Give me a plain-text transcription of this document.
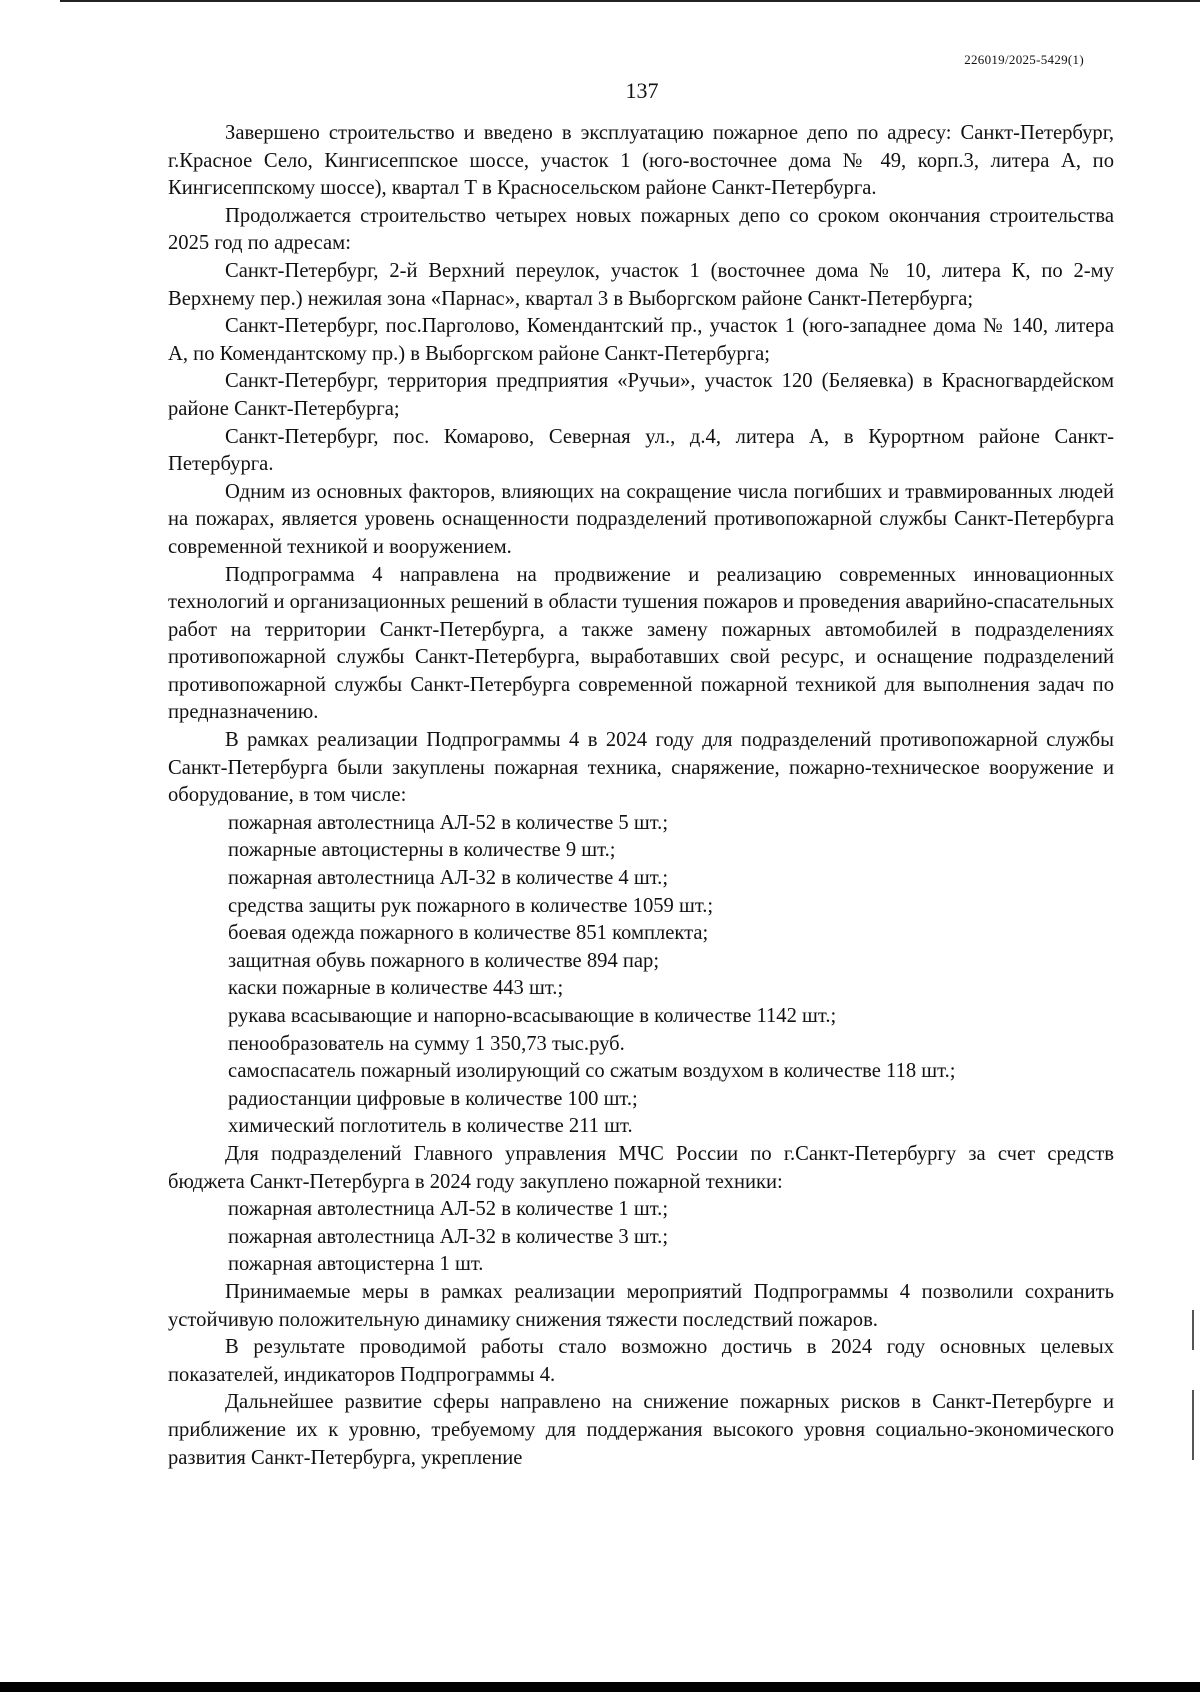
226019/2025-5429(1)
137

Завершено строительство и введено в эксплуатацию пожарное депо по адресу: Санкт-Петербург, г.Красное Село, Кингисеппское шоссе, участок 1 (юго-восточнее дома № 49, корп.3, литера А, по Кингисеппскому шоссе), квартал Т в Красносельском районе Санкт-Петербурга.

Продолжается строительство четырех новых пожарных депо со сроком окончания строительства 2025 год по адресам:

Санкт-Петербург, 2-й Верхний переулок, участок 1 (восточнее дома № 10, литера К, по 2-му Верхнему пер.) нежилая зона «Парнас», квартал 3 в Выборгском районе Санкт-Петербурга;

Санкт-Петербург, пос.Парголово, Комендантский пр., участок 1 (юго-западнее дома № 140, литера А, по Комендантскому пр.) в Выборгском районе Санкт-Петербурга;

Санкт-Петербург, территория предприятия «Ручьи», участок 120 (Беляевка) в Красногвардейском районе Санкт-Петербурга;

Санкт-Петербург, пос. Комарово, Северная ул., д.4, литера А, в Курортном районе Санкт-Петербурга.

Одним из основных факторов, влияющих на сокращение числа погибших и травмированных людей на пожарах, является уровень оснащенности подразделений противопожарной службы Санкт-Петербурга современной техникой и вооружением.

Подпрограмма 4 направлена на продвижение и реализацию современных инновационных технологий и организационных решений в области тушения пожаров и проведения аварийно-спасательных работ на территории Санкт-Петербурга, а также замену пожарных автомобилей в подразделениях противопожарной службы Санкт-Петербурга, выработавших свой ресурс, и оснащение подразделений противопожарной службы Санкт-Петербурга современной пожарной техникой для выполнения задач по предназначению.

В рамках реализации Подпрограммы 4 в 2024 году для подразделений противопожарной службы Санкт-Петербурга были закуплены пожарная техника, снаряжение, пожарно-техническое вооружение и оборудование, в том числе:

пожарная автолестница АЛ-52 в количестве 5 шт.;

пожарные автоцистерны в количестве 9 шт.;

пожарная автолестница АЛ-32 в количестве 4 шт.;

средства защиты рук пожарного в количестве 1059 шт.;

боевая одежда пожарного в количестве 851 комплекта;

защитная обувь пожарного в количестве 894 пар;

каски пожарные в количестве 443 шт.;

рукава всасывающие и напорно-всасывающие в количестве 1142 шт.;

пенообразователь на сумму 1 350,73 тыс.руб.

самоспасатель пожарный изолирующий со сжатым воздухом в количестве 118 шт.;

радиостанции цифровые в количестве 100 шт.;

химический поглотитель в количестве 211 шт.

Для подразделений Главного управления МЧС России по г.Санкт-Петербургу за счет средств бюджета Санкт-Петербурга в 2024 году закуплено пожарной техники:

пожарная автолестница АЛ-52 в количестве 1 шт.;

пожарная автолестница АЛ-32 в количестве 3 шт.;

пожарная автоцистерна 1 шт.

Принимаемые меры в рамках реализации мероприятий Подпрограммы 4 позволили сохранить устойчивую положительную динамику снижения тяжести последствий пожаров.

В результате проводимой работы стало возможно достичь в 2024 году основных целевых показателей, индикаторов Подпрограммы 4.

Дальнейшее развитие сферы направлено на снижение пожарных рисков в Санкт-Петербурге и приближение их к уровню, требуемому для поддержания высокого уровня социально-экономического развития Санкт-Петербурга, укрепление
